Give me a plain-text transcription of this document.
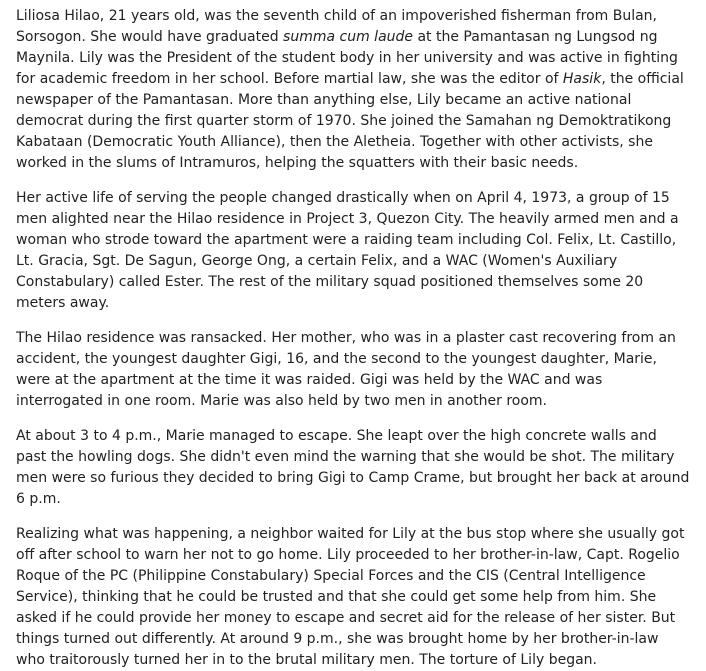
Liliosa Hilao, 21 years old, was the seventh child of an impoverished fisherman from Bulan, Sorsogon. She would have graduated summa cum laude at the Pamantasan ng Lungsod ng Maynila. Lily was the President of the student body in her university and was active in fighting for academic freedom in her school. Before martial law, she was the editor of Hasik, the official newspaper of the Pamantasan. More than anything else, Lily became an active national democrat during the first quarter storm of 1970. She joined the Samahan ng Demoktratikong Kabataan (Democratic Youth Alliance), then the Aletheia. Together with other activists, she worked in the slums of Intramuros, helping the squatters with their basic needs.

Her active life of serving the people changed drastically when on April 4, 1973, a group of 15 men alighted near the Hilao residence in Project 3, Quezon City. The heavily armed men and a woman who strode toward the apartment were a raiding team including Col. Felix, Lt. Castillo, Lt. Gracia, Sgt. De Sagun, George Ong, a certain Felix, and a WAC (Women's Auxiliary Constabulary) called Ester. The rest of the military squad positioned themselves some 20 meters away.

The Hilao residence was ransacked. Her mother, who was in a plaster cast recovering from an accident, the youngest daughter Gigi, 16, and the second to the youngest daughter, Marie, were at the apartment at the time it was raided. Gigi was held by the WAC and was interrogated in one room. Marie was also held by two men in another room.

At about 3 to 4 p.m., Marie managed to escape. She leapt over the high concrete walls and past the howling dogs. She didn't even mind the warning that she would be shot. The military men were so furious they decided to bring Gigi to Camp Crame, but brought her back at around 6 p.m.

Realizing what was happening, a neighbor waited for Lily at the bus stop where she usually got off after school to warn her not to go home. Lily proceeded to her brother-in-law, Capt. Rogelio Roque of the PC (Philippine Constabulary) Special Forces and the CIS (Central Intelligence Service), thinking that he could be trusted and that she could get some help from him. She asked if he could provide her money to escape and secret aid for the release of her sister. But things turned out differently. At around 9 p.m., she was brought home by her brother-in-law who traitorously turned her in to the brutal military men. The torture of Lily began.
